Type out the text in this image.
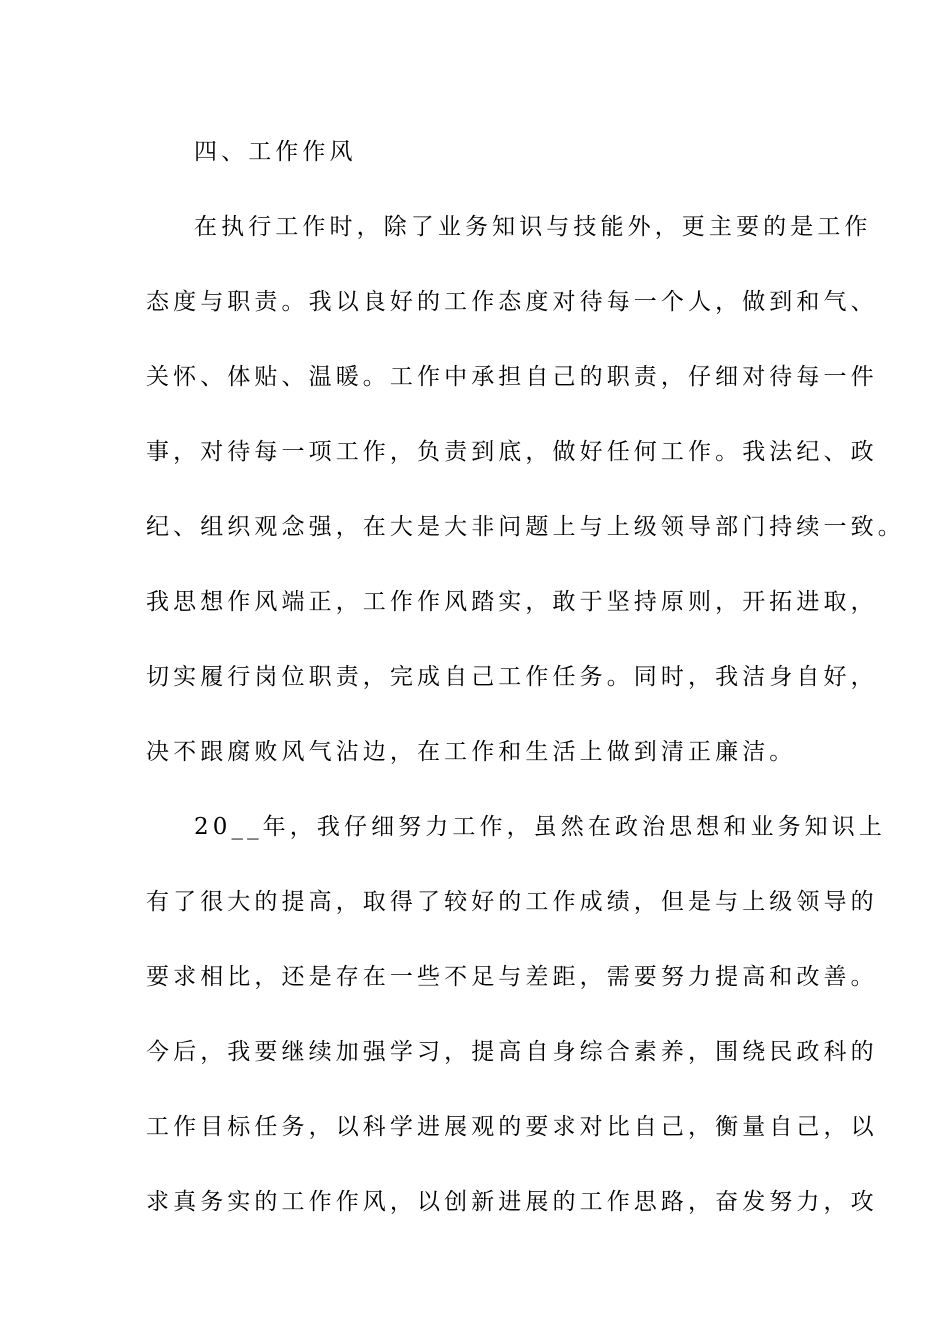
四、工作作风

在执行工作时，除了业务知识与技能外，更主要的是工作

态度与职责。我以良好的工作态度对待每一个人，做到和气、

关怀、体贴、温暖。工作中承担自己的职责，仔细对待每一件

事，对待每一项工作，负责到底，做好任何工作。我法纪、政

纪、组织观念强，在大是大非问题上与上级领导部门持续一致。

我思想作风端正，工作作风踏实，敢于坚持原则，开拓进取，

切实履行岗位职责，完成自己工作任务。同时，我洁身自好，

决不跟腐败风气沾边，在工作和生活上做到清正廉洁。

20__年，我仔细努力工作，虽然在政治思想和业务知识上

有了很大的提高，取得了较好的工作成绩，但是与上级领导的

要求相比，还是存在一些不足与差距，需要努力提高和改善。

今后，我要继续加强学习，提高自身综合素养，围绕民政科的

工作目标任务，以科学进展观的要求对比自己，衡量自己，以

求真务实的工作作风，以创新进展的工作思路，奋发努力，攻
